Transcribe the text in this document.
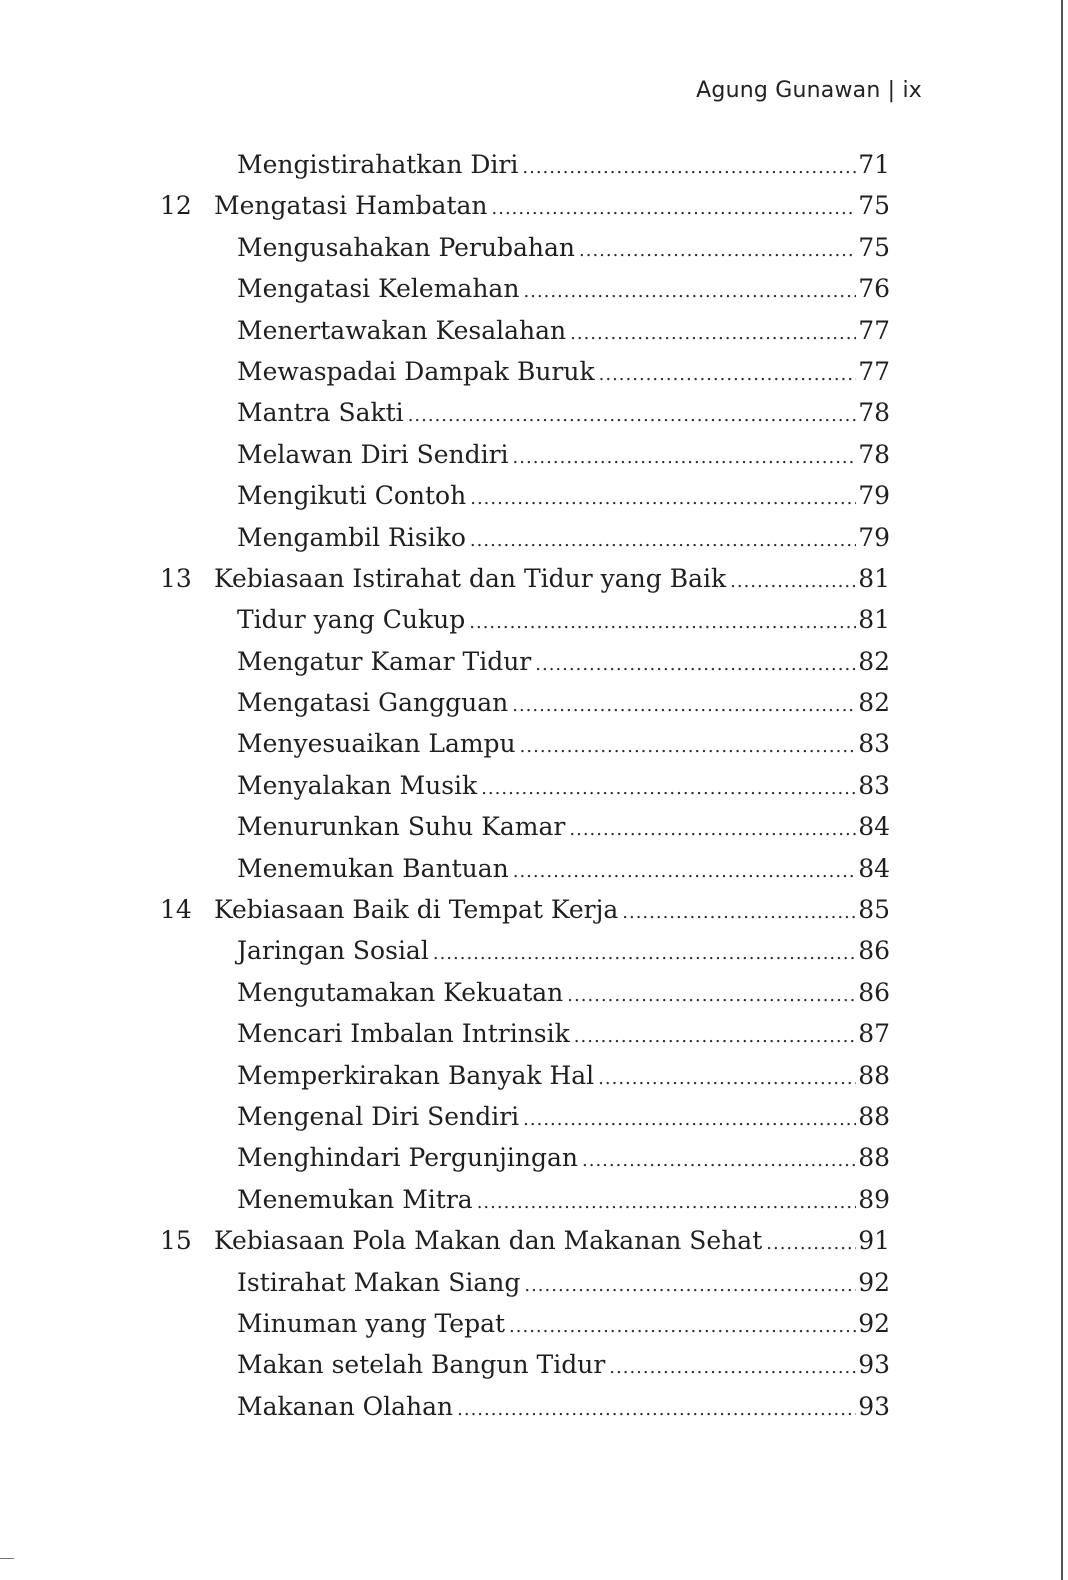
Agung Gunawan | ix
Mengistirahatkan Diri .....	71
12 Mengatasi Hambatan .....	75
Mengusahakan Perubahan .....	75
Mengatasi Kelemahan .....	76
Menertawakan Kesalahan .....	77
Mewaspadai Dampak Buruk .....	77
Mantra Sakti .....	78
Melawan Diri Sendiri .....	78
Mengikuti Contoh .....	79
Mengambil Risiko .....	79
13 Kebiasaan Istirahat dan Tidur yang Baik .....	81
Tidur yang Cukup .....	81
Mengatur Kamar Tidur .....	82
Mengatasi Gangguan .....	82
Menyesuaikan Lampu .....	83
Menyalakan Musik .....	83
Menurunkan Suhu Kamar .....	84
Menemukan Bantuan .....	84
14 Kebiasaan Baik di Tempat Kerja .....	85
Jaringan Sosial .....	86
Mengutamakan Kekuatan .....	86
Mencari Imbalan Intrinsik .....	87
Memperkirakan Banyak Hal .....	88
Mengenal Diri Sendiri .....	88
Menghindari Pergunjingan .....	88
Menemukan Mitra .....	89
15 Kebiasaan Pola Makan dan Makanan Sehat .....	91
Istirahat Makan Siang .....	92
Minuman yang Tepat .....	92
Makan setelah Bangun Tidur .....	93
Makanan Olahan .....	93
